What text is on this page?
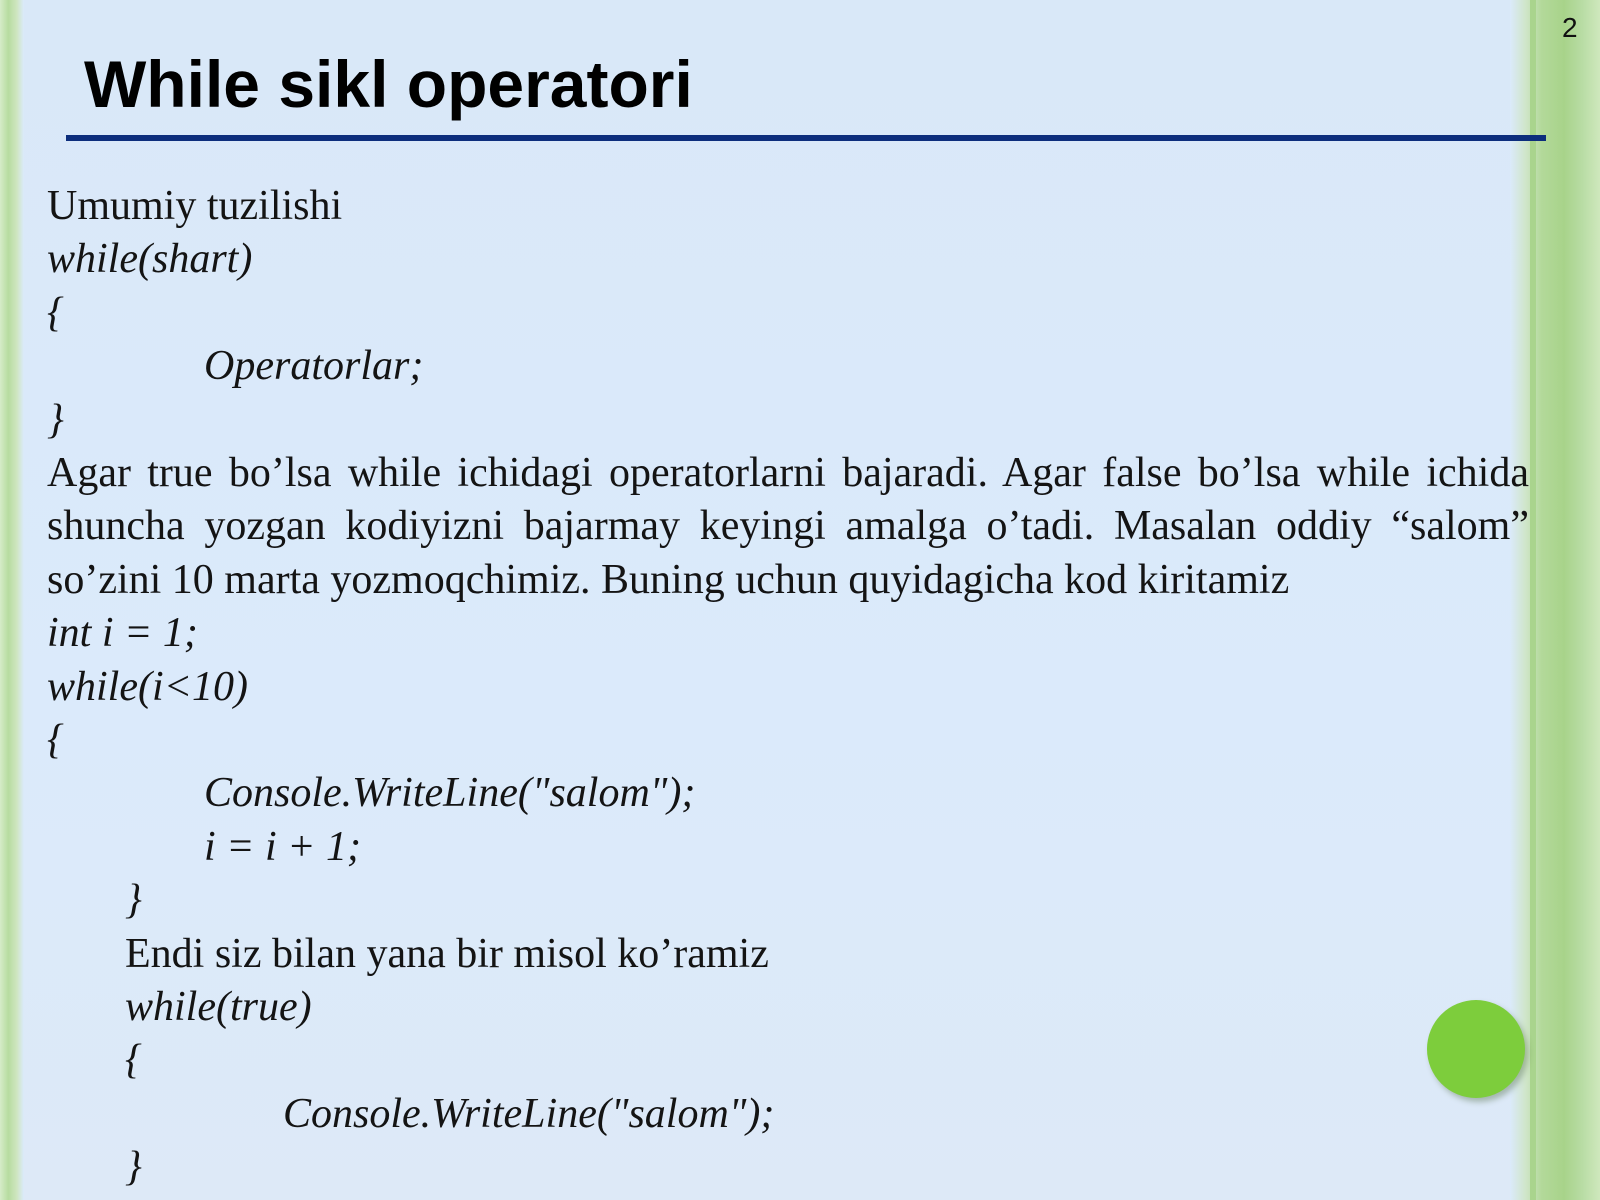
2
While sikl operatori
Umumiy tuzilishi
while(shart)
{
Operatorlar;
}
Agar true bo’lsa while ichidagi operatorlarni bajaradi. Agar false bo’lsa while ichida shuncha yozgan kodiyizni bajarmay keyingi amalga o’tadi. Masalan oddiy “salom” so’zini 10 marta yozmoqchimiz. Buning uchun quyidagicha kod kiritamiz
int i = 1;
while(i<10)
{
Console.WriteLine("salom");
i = i + 1;
}
Endi siz bilan yana bir misol ko’ramiz
while(true)
{
Console.WriteLine("salom");
}
